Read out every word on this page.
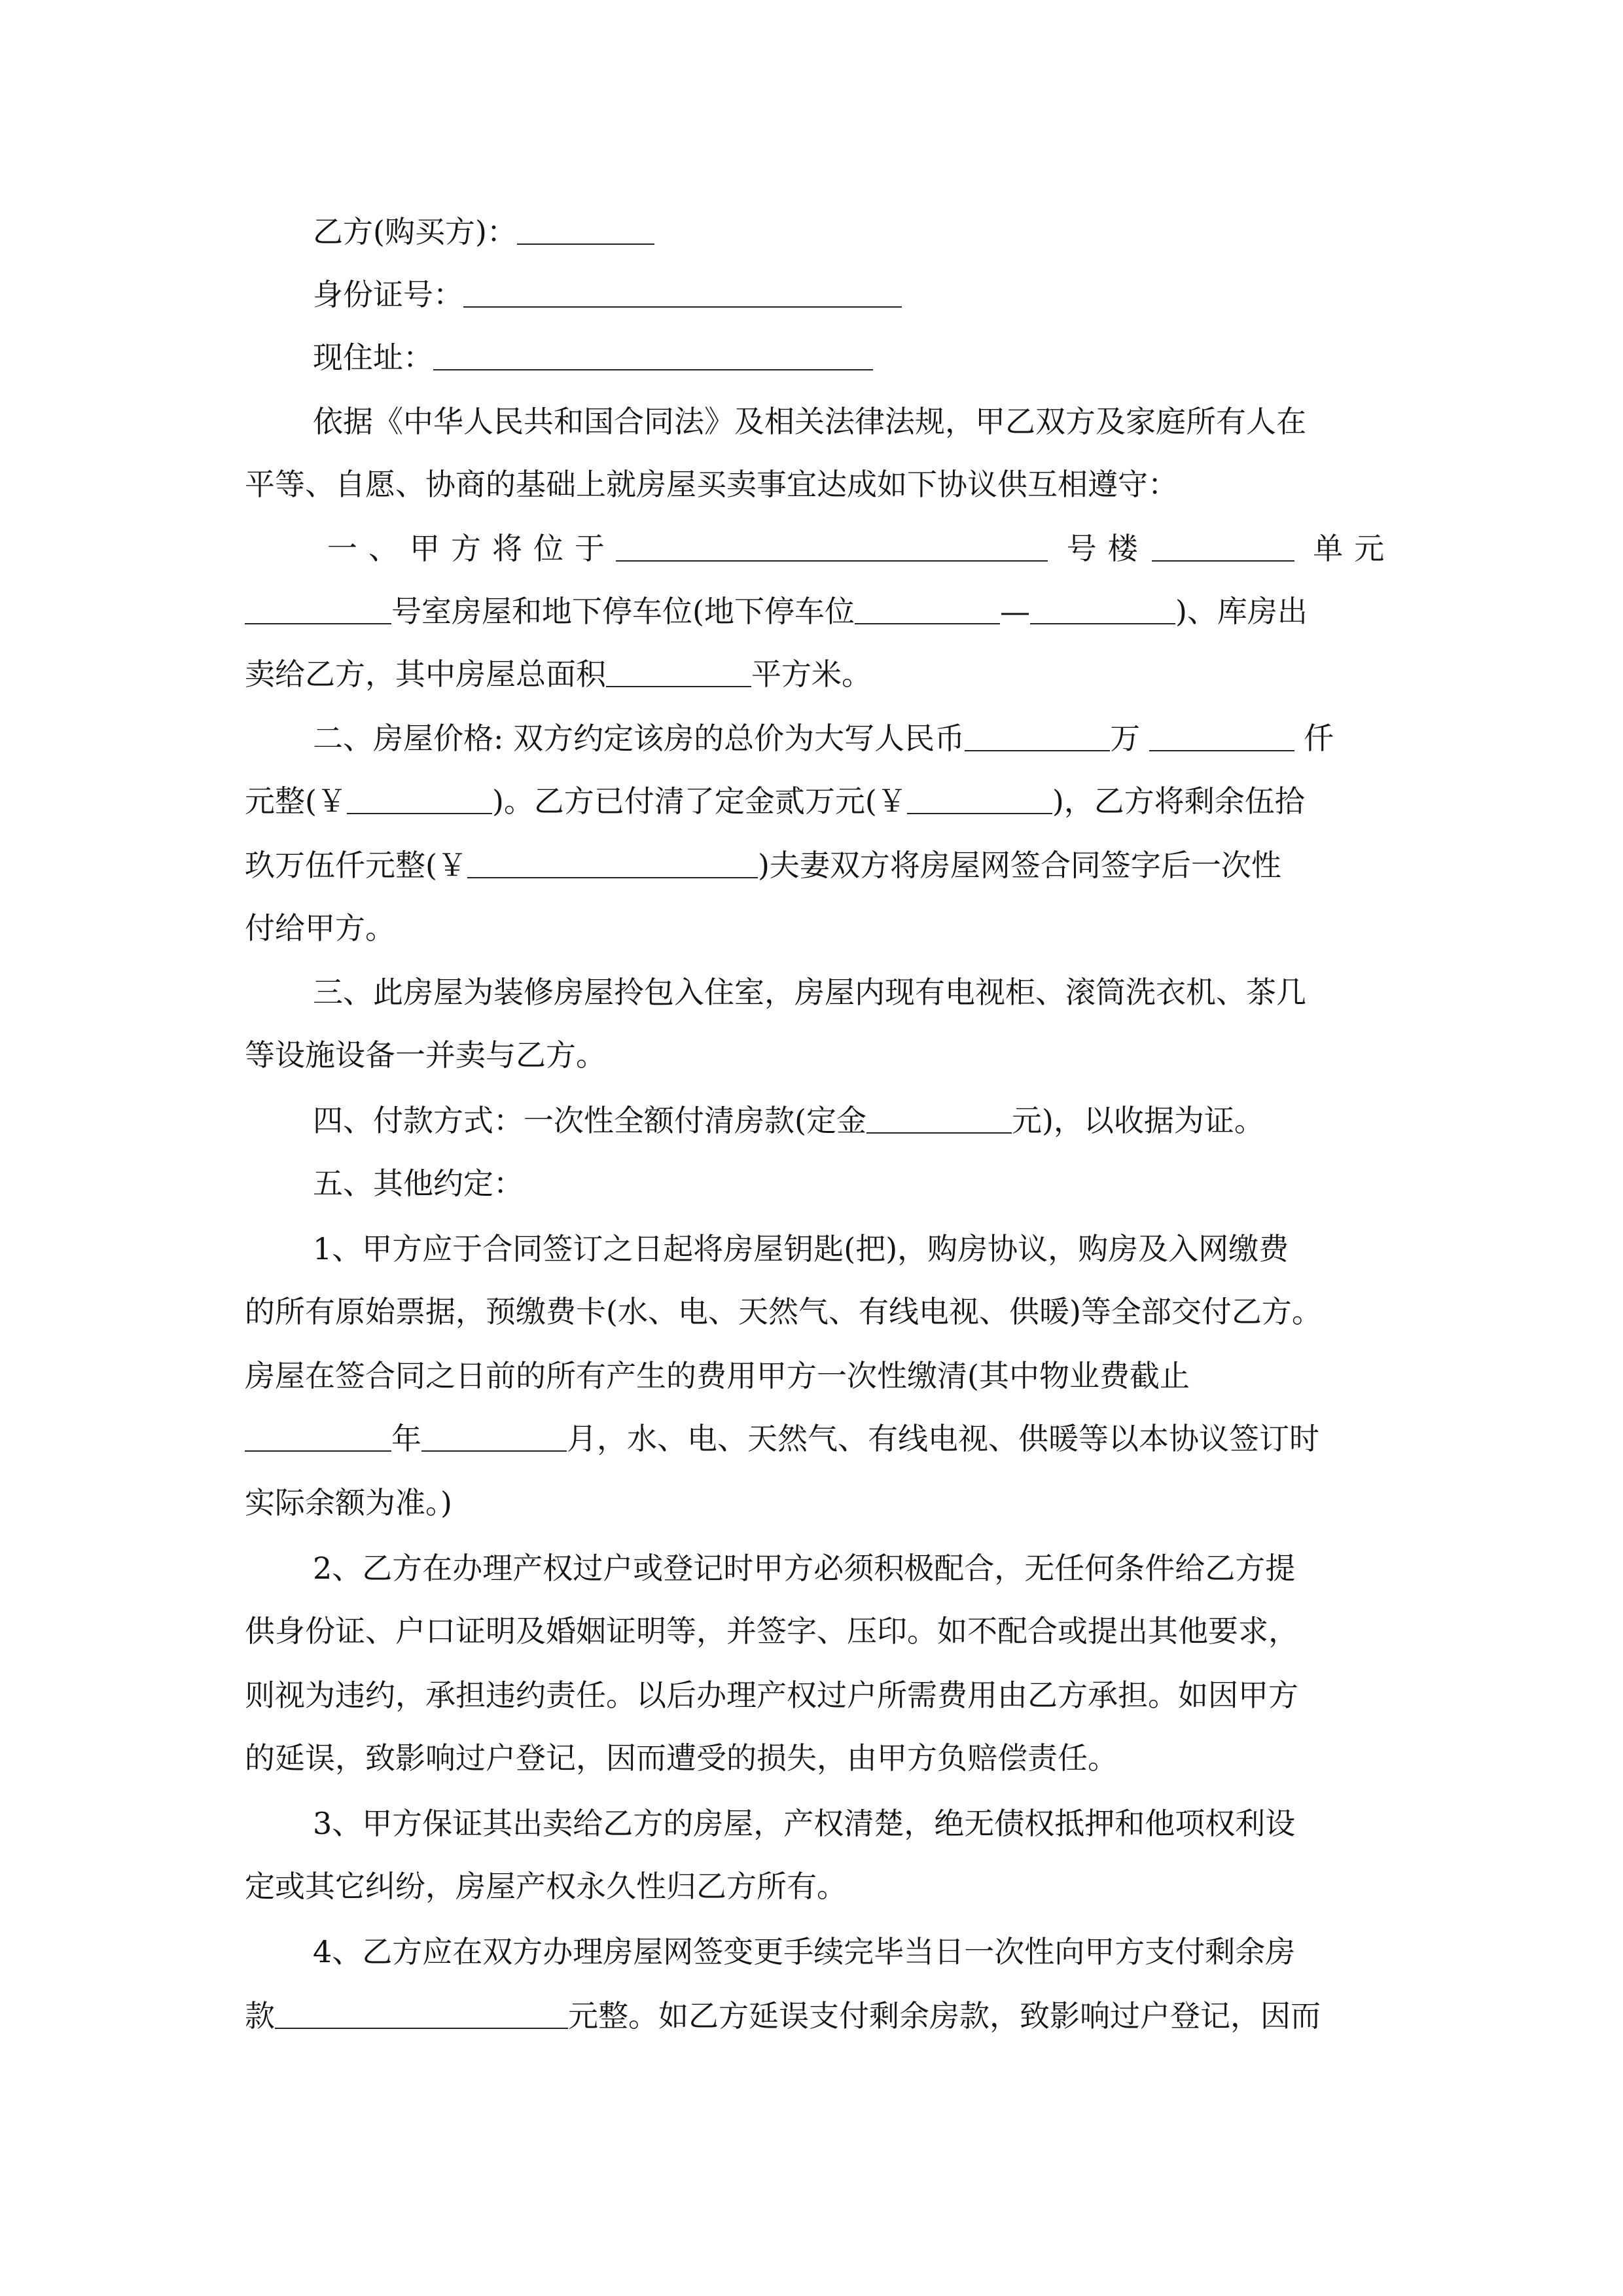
乙方(购买方)：
身份证号：
现住址：
依据《中华人民共和国合同法》及相关法律法规，甲乙双方及家庭所有人在
平等、自愿、协商的基础上就房屋买卖事宜达成如下协议供互相遵守：
一、甲方将位于	号楼	单元
号室房屋和地下停车位(地下停车位	—	)、库房出
卖给乙方，其中房屋总面积	平方米。
二、房屋价格: 双方约定该房的总价为大写人民币	万	仟
元整(￥	)。乙方已付清了定金贰万元(￥	)，乙方将剩余伍拾
玖万伍仟元整(￥	)夫妻双方将房屋网签合同签字后一次性
付给甲方。
三、此房屋为装修房屋拎包入住室，房屋内现有电视柜、滚筒洗衣机、茶几
等设施设备一并卖与乙方。
四、付款方式：一次性全额付清房款(定金	元)，以收据为证。
五、其他约定：
1、甲方应于合同签订之日起将房屋钥匙(把)，购房协议，购房及入网缴费
的所有原始票据，预缴费卡(水、电、天然气、有线电视、供暖)等全部交付乙方。
房屋在签合同之日前的所有产生的费用甲方一次性缴清(其中物业费截止
年	月，水、电、天然气、有线电视、供暖等以本协议签订时
实际余额为准。)
2、乙方在办理产权过户或登记时甲方必须积极配合，无任何条件给乙方提
供身份证、户口证明及婚姻证明等，并签字、压印。如不配合或提出其他要求，
则视为违约，承担违约责任。以后办理产权过户所需费用由乙方承担。如因甲方
的延误，致影响过户登记，因而遭受的损失，由甲方负赔偿责任。
3、甲方保证其出卖给乙方的房屋，产权清楚，绝无债权抵押和他项权利设
定或其它纠纷，房屋产权永久性归乙方所有。
4、乙方应在双方办理房屋网签变更手续完毕当日一次性向甲方支付剩余房
款	元整。如乙方延误支付剩余房款，致影响过户登记，因而
